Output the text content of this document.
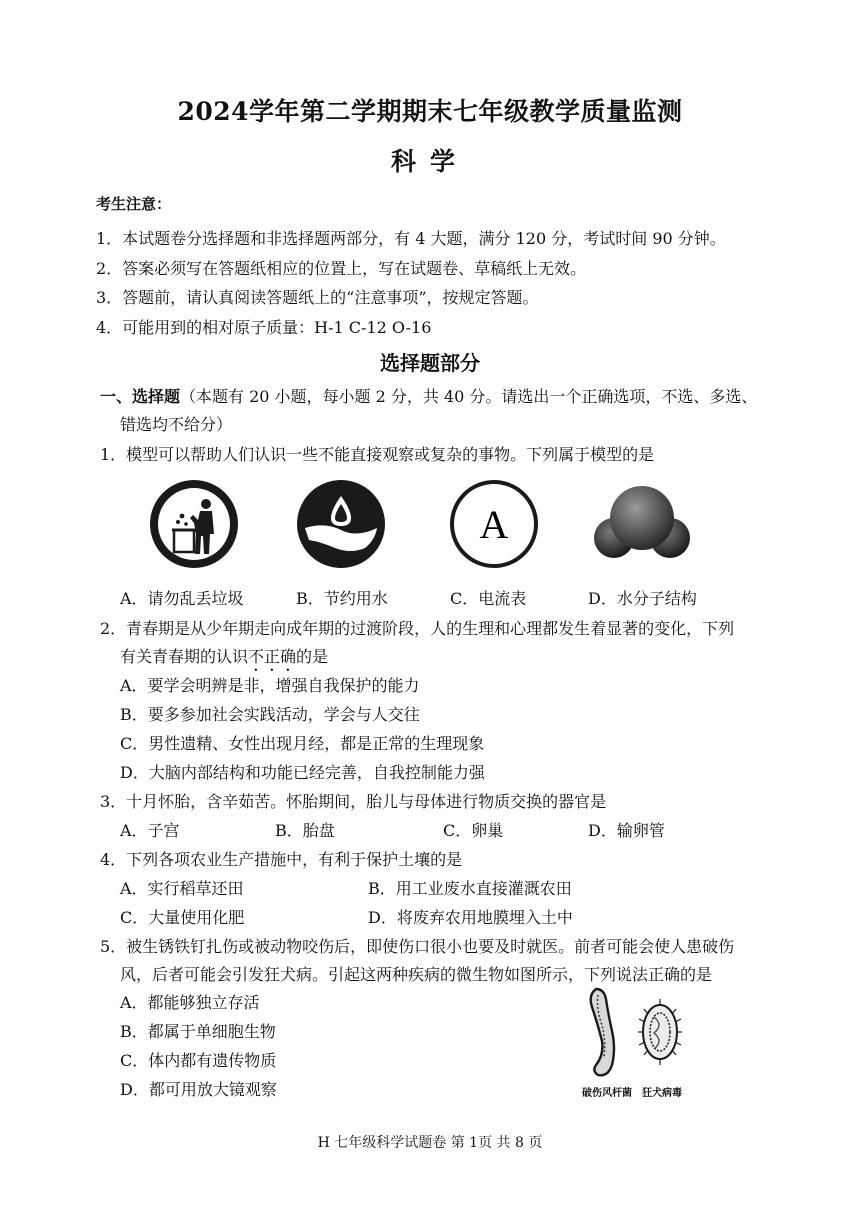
2024学年第二学期期末七年级教学质量监测
科学
考生注意：
1．本试题卷分选择题和非选择题两部分，有 4 大题，满分 120 分，考试时间 90 分钟。
2．答案必须写在答题纸相应的位置上，写在试题卷、草稿纸上无效。
3．答题前，请认真阅读答题纸上的“注意事项”，按规定答题。
4．可能用到的相对原子质量：H-1 C-12 O-16
选择题部分
一、选择题（本题有 20 小题，每小题 2 分，共 40 分。请选出一个正确选项，不选、多选、
错选均不给分）
1．模型可以帮助人们认识一些不能直接观察或复杂的事物。下列属于模型的是
A
A．请勿乱丢垃圾	B．节约用水	C．电流表	D．水分子结构
2．青春期是从少年期走向成年期的过渡阶段，人的生理和心理都发生着显著的变化，下列
有关青春期的认识不正确的是
A．要学会明辨是非，增强自我保护的能力
B．要多参加社会实践活动，学会与人交往
C．男性遗精、女性出现月经，都是正常的生理现象
D．大脑内部结构和功能已经完善，自我控制能力强
3．十月怀胎，含辛茹苦。怀胎期间，胎儿与母体进行物质交换的器官是
A．子宫	B．胎盘	C．卵巢	D．输卵管
4．下列各项农业生产措施中，有利于保护土壤的是
A．实行稻草还田	B．用工业废水直接灌溉农田
C．大量使用化肥	D．将废弃农用地膜埋入土中
5．被生锈铁钉扎伤或被动物咬伤后，即使伤口很小也要及时就医。前者可能会使人患破伤
风，后者可能会引发狂犬病。引起这两种疾病的微生物如图所示，下列说法正确的是
A．都能够独立存活
B．都属于单细胞生物
C．体内都有遗传物质
D．都可用放大镜观察	破伤风杆菌 狂犬病毒
H 七年级科学试题卷 第 1页 共 8 页
